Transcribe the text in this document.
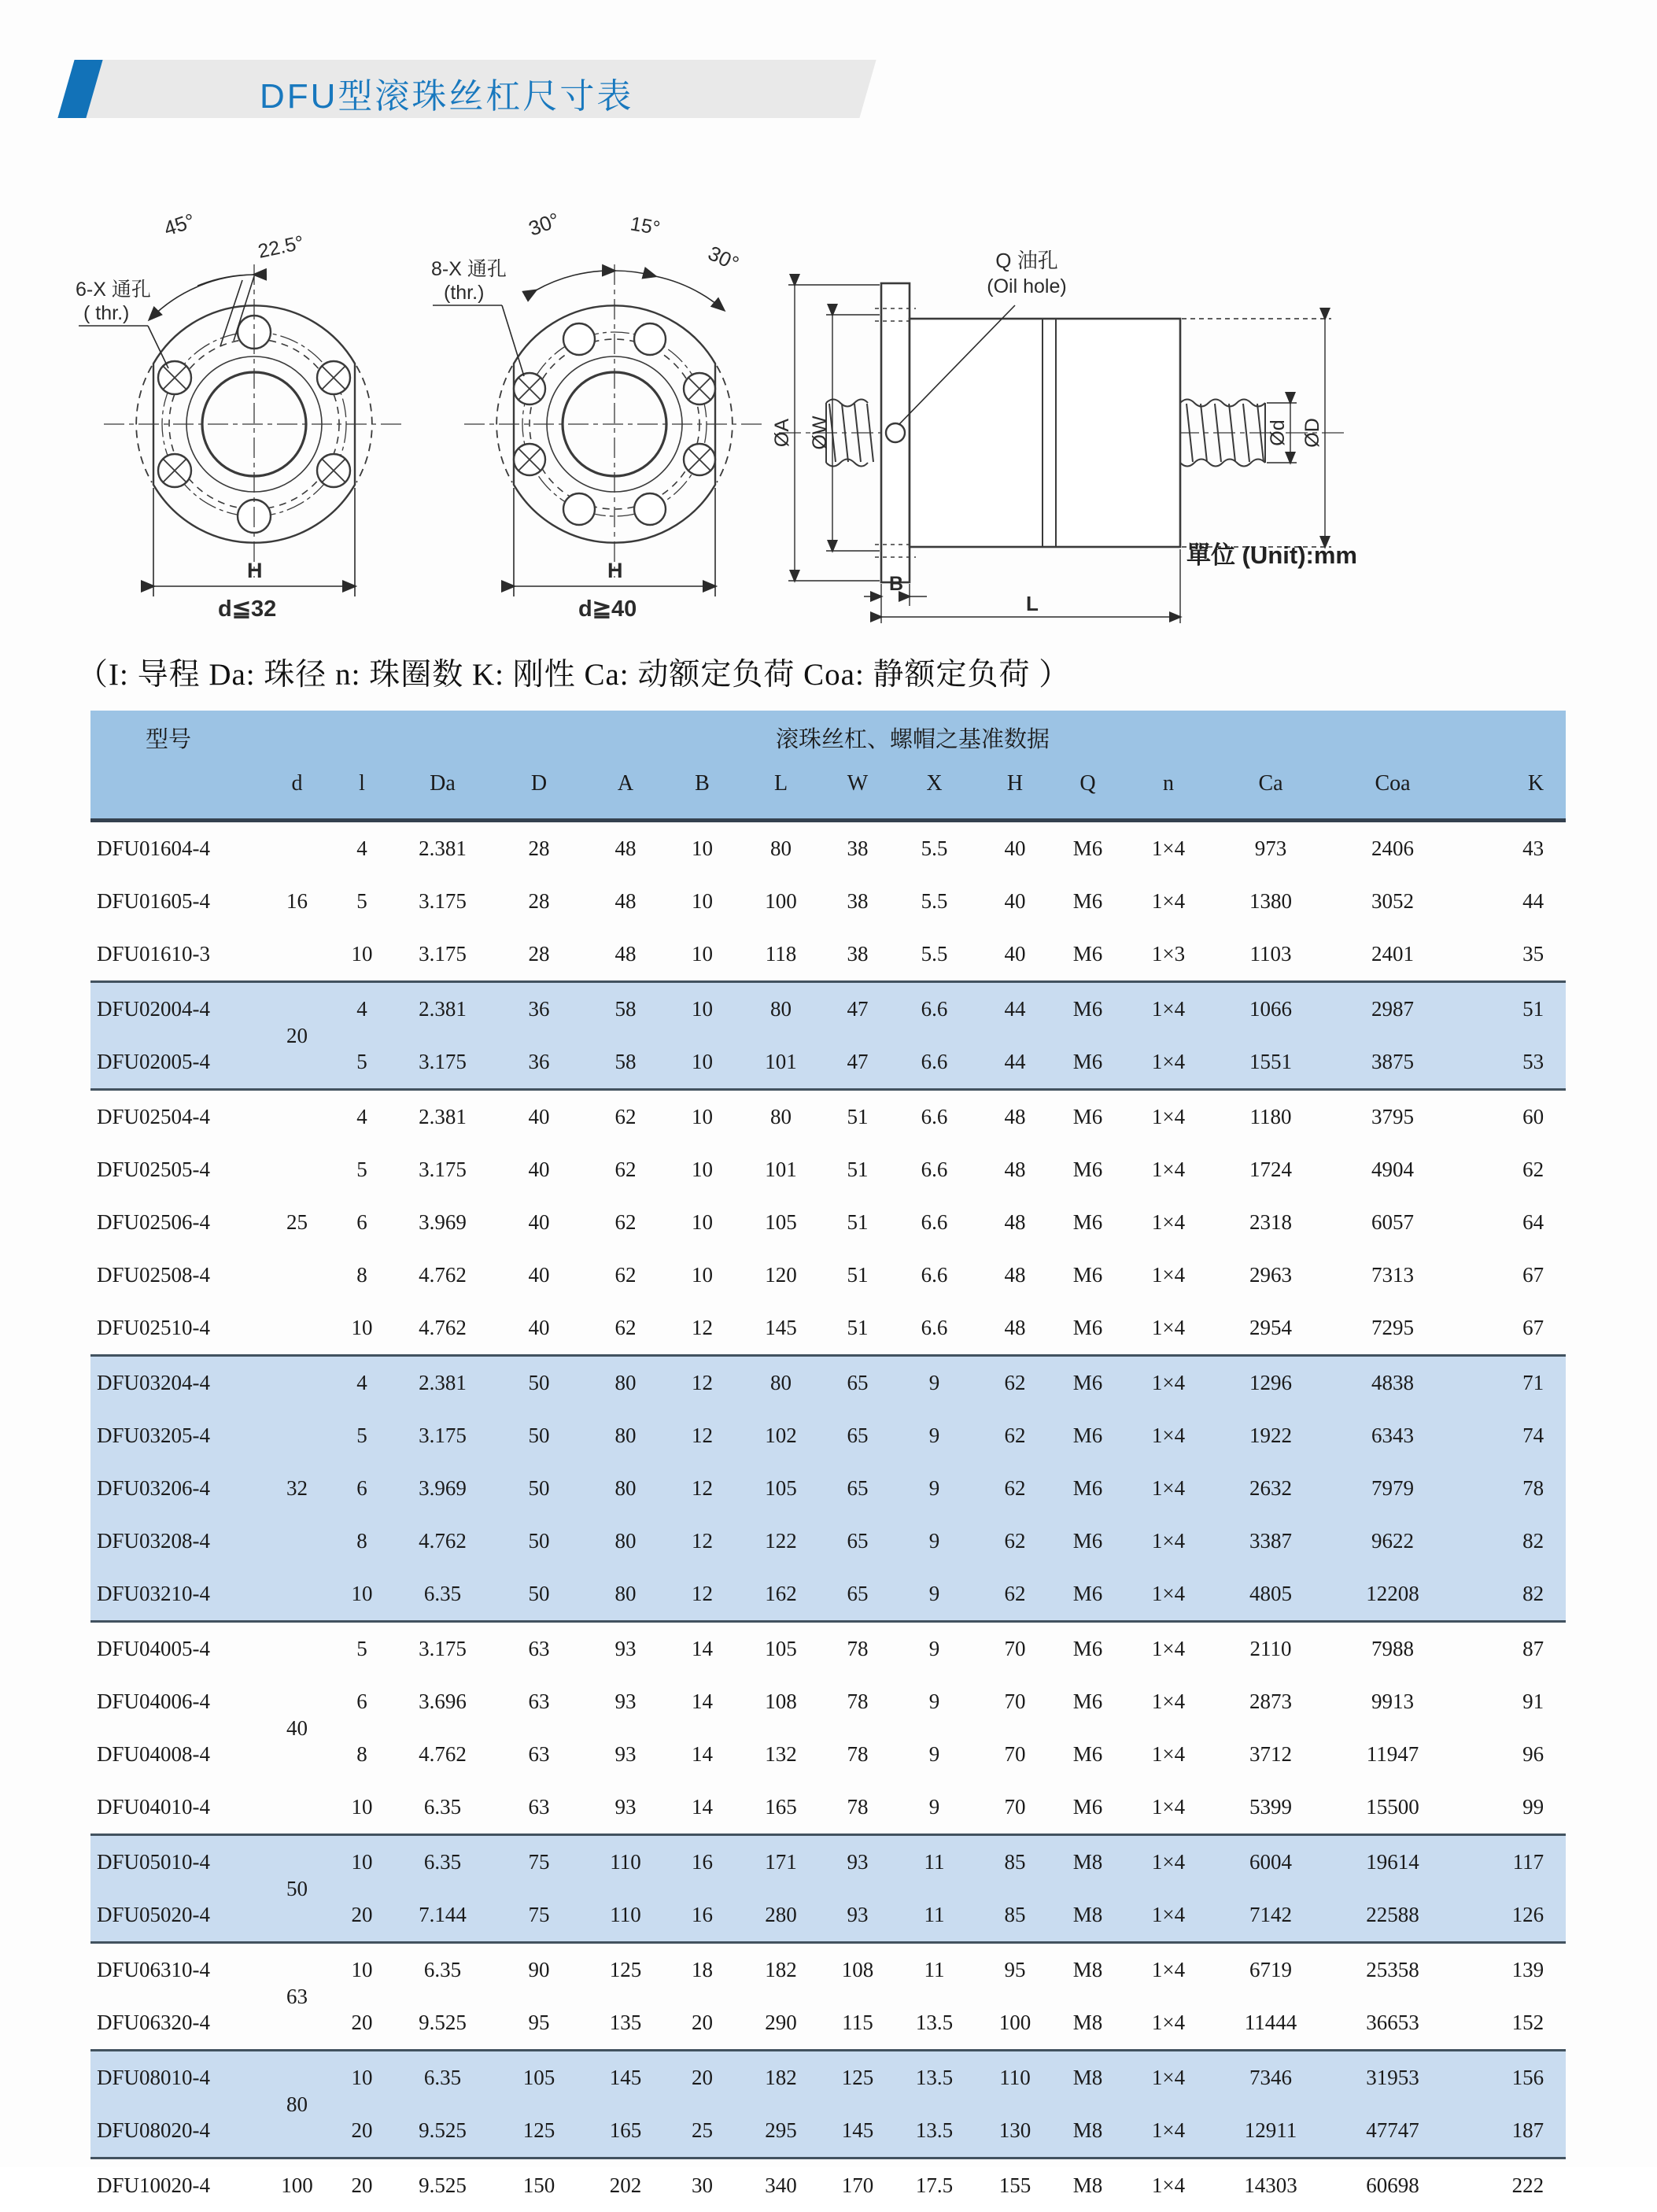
DFU型滚珠丝杠尺寸表
45°
22.5°
6-X 通孔
( thr.)
H
d≦32
30°	15°
30°
8-X 通孔
(thr.)
H
d≧40
Q 油孔
(Oil hole)
ØA ØW	Ød ØD
B
L
單位 (Unit):mm
（I: 导程 Da: 珠径 n: 珠圈数 K: 刚性 Ca: 动额定负荷 Coa: 静额定负荷 ）
型号	滚珠丝杠、螺帽之基准数据														
	d	l	Da	D	A	B	L	W	X	H	Q	n	Ca	Coa	K
DFU01604-4	16	4	2.381	28	48	10	80	38	5.5	40	M6	1×4	973	2406	43
DFU01605-4		5	3.175	28	48	10	100	38	5.5	40	M6	1×4	1380	3052	44
DFU01610-3		10	3.175	28	48	10	118	38	5.5	40	M6	1×3	1103	2401	35
DFU02004-4	20	4	2.381	36	58	10	80	47	6.6	44	M6	1×4	1066	2987	51
DFU02005-4		5	3.175	36	58	10	101	47	6.6	44	M6	1×4	1551	3875	53
DFU02504-4	25	4	2.381	40	62	10	80	51	6.6	48	M6	1×4	1180	3795	60
DFU02505-4		5	3.175	40	62	10	101	51	6.6	48	M6	1×4	1724	4904	62
DFU02506-4		6	3.969	40	62	10	105	51	6.6	48	M6	1×4	2318	6057	64
DFU02508-4		8	4.762	40	62	10	120	51	6.6	48	M6	1×4	2963	7313	67
DFU02510-4		10	4.762	40	62	12	145	51	6.6	48	M6	1×4	2954	7295	67
DFU03204-4	32	4	2.381	50	80	12	80	65	9	62	M6	1×4	1296	4838	71
DFU03205-4		5	3.175	50	80	12	102	65	9	62	M6	1×4	1922	6343	74
DFU03206-4		6	3.969	50	80	12	105	65	9	62	M6	1×4	2632	7979	78
DFU03208-4		8	4.762	50	80	12	122	65	9	62	M6	1×4	3387	9622	82
DFU03210-4		10	6.35	50	80	12	162	65	9	62	M6	1×4	4805	12208	82
DFU04005-4	40	5	3.175	63	93	14	105	78	9	70	M6	1×4	2110	7988	87
DFU04006-4		6	3.696	63	93	14	108	78	9	70	M6	1×4	2873	9913	91
DFU04008-4		8	4.762	63	93	14	132	78	9	70	M6	1×4	3712	11947	96
DFU04010-4		10	6.35	63	93	14	165	78	9	70	M6	1×4	5399	15500	99
DFU05010-4	50	10	6.35	75	110	16	171	93	11	85	M8	1×4	6004	19614	117
DFU05020-4		20	7.144	75	110	16	280	93	11	85	M8	1×4	7142	22588	126
DFU06310-4	63	10	6.35	90	125	18	182	108	11	95	M8	1×4	6719	25358	139
DFU06320-4		20	9.525	95	135	20	290	115	13.5	100	M8	1×4	11444	36653	152
DFU08010-4	80	10	6.35	105	145	20	182	125	13.5	110	M8	1×4	7346	31953	156
DFU08020-4		20	9.525	125	165	25	295	145	13.5	130	M8	1×4	12911	47747	187
DFU10020-4	100	20	9.525	150	202	30	340	170	17.5	155	M8	1×4	14303	60698	222
